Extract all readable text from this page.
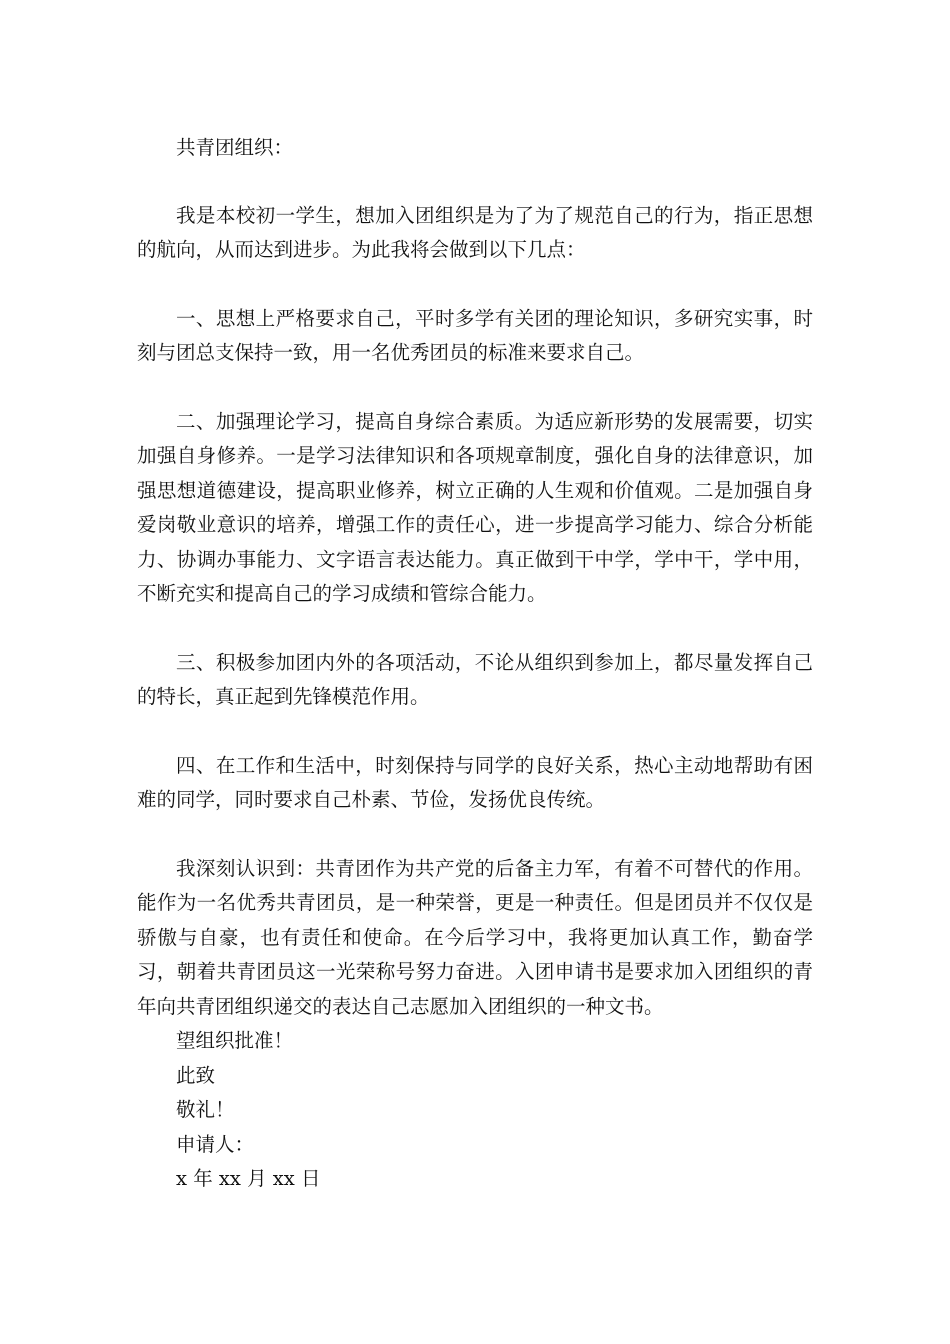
共青团组织：

我是本校初一学生，想加入团组织是为了为了规范自己的行为，指正思想的航向，从而达到进步。为此我将会做到以下几点：

一、思想上严格要求自己，平时多学有关团的理论知识，多研究实事，时刻与团总支保持一致，用一名优秀团员的标准来要求自己。

二、加强理论学习，提高自身综合素质。为适应新形势的发展需要，切实加强自身修养。一是学习法律知识和各项规章制度，强化自身的法律意识，加强思想道德建设，提高职业修养，树立正确的人生观和价值观。二是加强自身爱岗敬业意识的培养，增强工作的责任心，进一步提高学习能力、综合分析能力、协调办事能力、文字语言表达能力。真正做到干中学，学中干，学中用，不断充实和提高自己的学习成绩和管综合能力。

三、积极参加团内外的各项活动，不论从组织到参加上，都尽量发挥自己的特长，真正起到先锋模范作用。

四、在工作和生活中，时刻保持与同学的良好关系，热心主动地帮助有困难的同学，同时要求自己朴素、节俭，发扬优良传统。

我深刻认识到：共青团作为共产党的后备主力军，有着不可替代的作用。能作为一名优秀共青团员，是一种荣誉，更是一种责任。但是团员并不仅仅是骄傲与自豪，也有责任和使命。在今后学习中，我将更加认真工作，勤奋学习，朝着共青团员这一光荣称号努力奋进。入团申请书是要求加入团组织的青年向共青团组织递交的表达自己志愿加入团组织的一种文书。

望组织批准！

此致

敬礼！

申请人：

x 年 xx 月 xx 日
